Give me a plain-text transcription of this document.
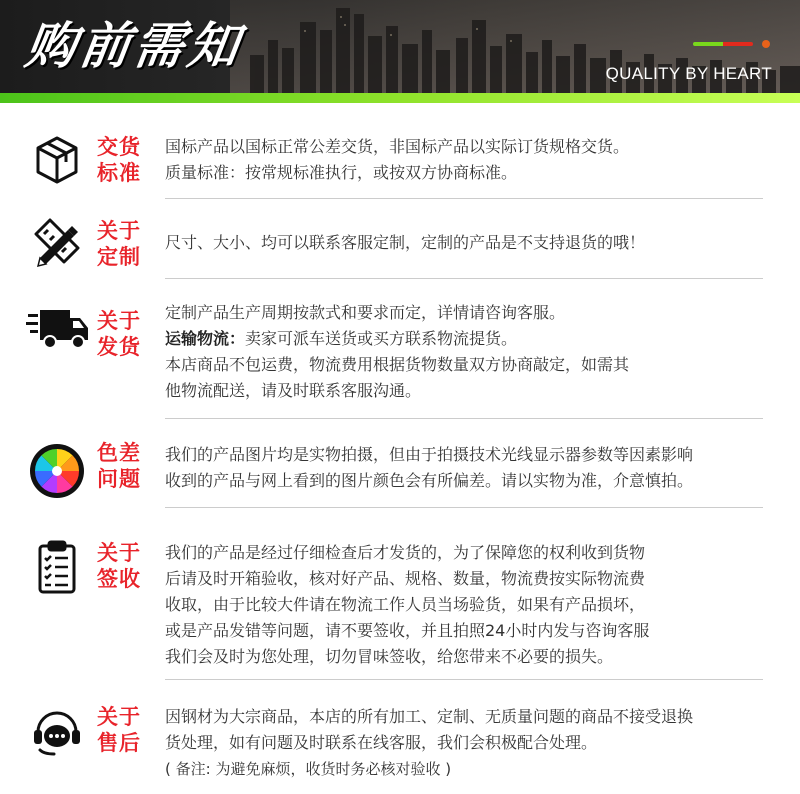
购前需知	QUALITY BY HEART
交货
标准
国标产品以国标正常公差交货，非国标产品以实际订货规格交货。
质量标准：按常规标准执行，或按双方协商标准。
关于
定制
尺寸、大小、均可以联系客服定制，定制的产品是不支持退货的哦！
关于
发货
定制产品生产周期按款式和要求而定，详情请咨询客服。
运输物流：卖家可派车送货或买方联系物流提货。
本店商品不包运费，物流费用根据货物数量双方协商敲定，如需其
他物流配送，请及时联系客服沟通。
色差
问题
我们的产品图片均是实物拍摄，但由于拍摄技术光线显示器参数等因素影响
收到的产品与网上看到的图片颜色会有所偏差。请以实物为准，介意慎拍。
关于
签收
我们的产品是经过仔细检查后才发货的，为了保障您的权利收到货物
后请及时开箱验收，核对好产品、规格、数量，物流费按实际物流费
收取，由于比较大件请在物流工作人员当场验货，如果有产品损坏，
或是产品发错等问题，请不要签收，并且拍照24小时内发与咨询客服
我们会及时为您处理，切勿冒味签收，给您带来不必要的损失。
关于
售后
因钢材为大宗商品，本店的所有加工、定制、无质量问题的商品不接受退换
货处理，如有问题及时联系在线客服，我们会积极配合处理。
( 备注: 为避免麻烦，收货时务必核对验收 )
